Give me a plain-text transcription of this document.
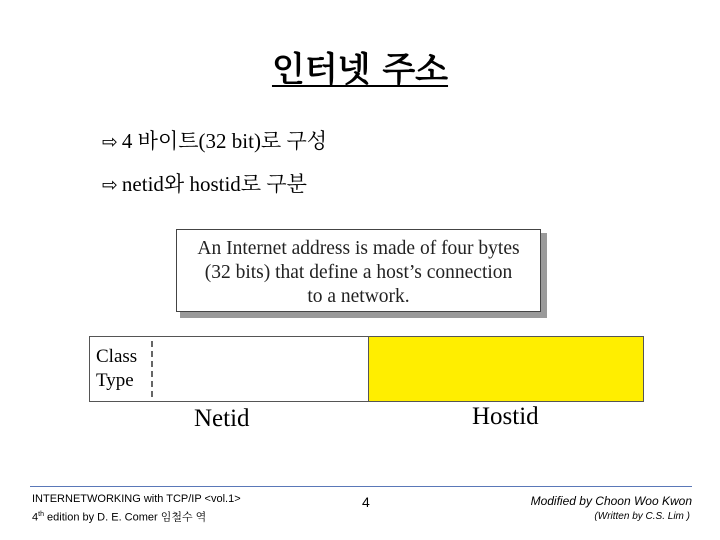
인터넷 주소
⇨ 4 바이트(32 bit)로 구성
⇨ netid와 hostid로 구분
An Internet address is made of four bytes
(32 bits) that define a host’s connection
to a network.
Class
Type
Netid	Hostid
INTERNETWORKING with TCP/IP <vol.1>
4th edition by D. E. Comer 임철수 역
4	Modified by Choon Woo Kwon
(Written by C.S. Lim )
